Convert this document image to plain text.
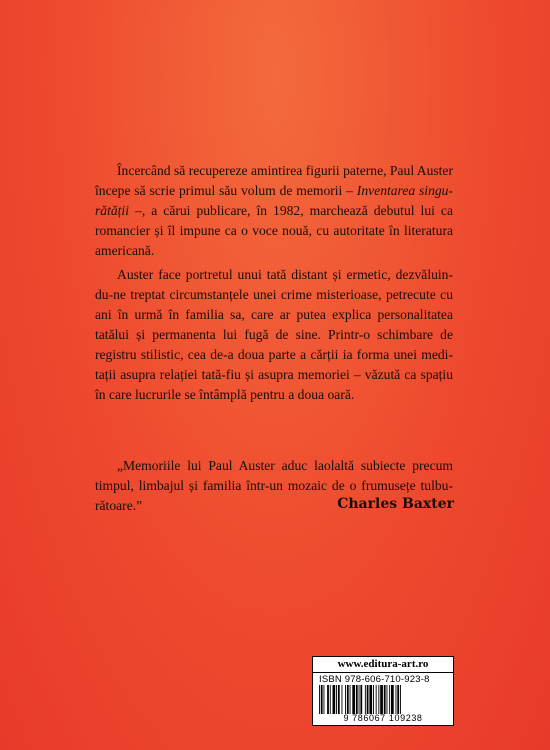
Încercând să recupereze amintirea figurii paterne, Paul Auster începe să scrie primul său volum de memorii – Inventarea singurătății –, a cărui publicare, în 1982, marchează debutul lui ca romancier și îl impune ca o voce nouă, cu autoritate în literatura americană.

Auster face portretul unui tată distant și ermetic, dezvăluindu-ne treptat circumstanțele unei crime misterioase, petrecute cu ani în urmă în familia sa, care ar putea explica personalitatea tatălui și permanenta lui fugă de sine. Printr-o schimbare de registru stilistic, cea de-a doua parte a cărții ia forma unei meditații asupra relației tată-fiu și asupra memoriei – văzută ca spațiu în care lucrurile se întâmplă pentru a doua oară.

„Memoriile lui Paul Auster aduc laolaltă subiecte precum timpul, limbajul și familia într-un mozaic de o frumusețe tulburătoare.”	Charles Baxter
www.editura-art.ro
ISBN 978-606-710-923-8
9 786067 109238
